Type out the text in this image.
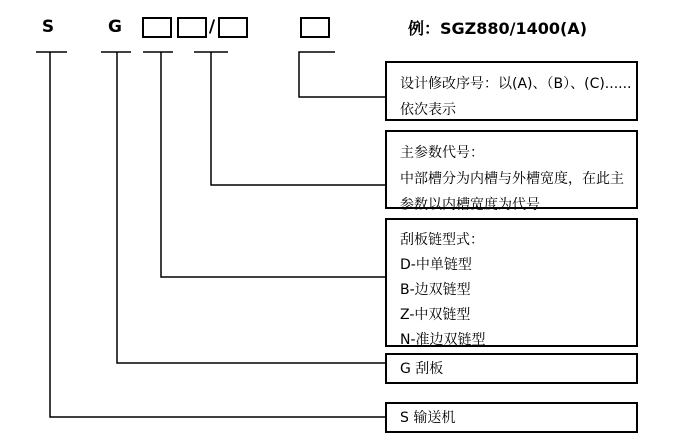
S	G	/	例：SGZ880/1400(A)
设计修改序号：以(A)、（B）、(C)......
依次表示
主参数代号：
中部槽分为内槽与外槽宽度，在此主
参数以内槽宽度为代号
刮板链型式：
D-中单链型
B-边双链型
Z-中双链型
N-准边双链型
G 刮板
S 输送机
